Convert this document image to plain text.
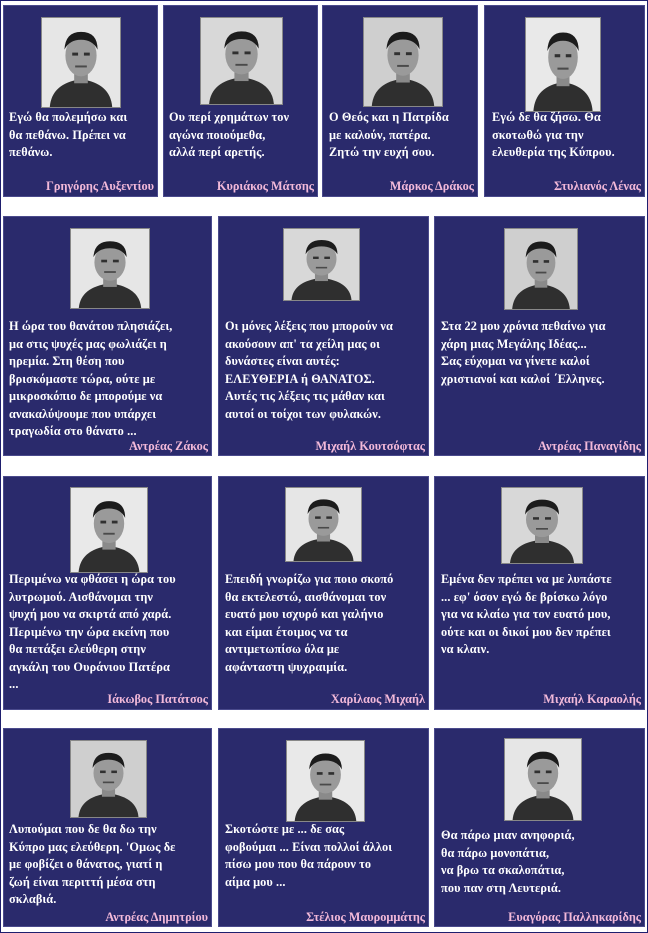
Εγώ θα πολεμήσω και
θα πεθάνω. Πρέπει να
πεθάνω.
Γρηγόρης Αυξεντίου
Ου περί χρημάτων τον
αγώνα ποιούμεθα,
αλλά περί αρετής.
Κυριάκος Μάτσης
Ο Θεός και η Πατρίδα
με καλούν, πατέρα.
Ζητώ την ευχή σου.
Μάρκος Δράκος
Εγώ δε θα ζήσω. Θα
σκοτωθώ για την
ελευθερία της Κύπρου.
Στυλιανός Λένας
Η ώρα του θανάτου πλησιάζει,
μα στις ψυχές μας φωλιάζει η
ηρεμία. Στη θέση που
βρισκόμαστε τώρα, ούτε με
μικροσκόπιο δε μπορούμε να
ανακαλύψουμε που υπάρχει
τραγωδία στο θάνατο ...
Αντρέας Ζάκος
Οι μόνες λέξεις που μπορούν να
ακούσουν απ' τα χείλη μας οι
δυνάστες είναι αυτές:
ΕΛΕΥΘΕΡΙΑ ή ΘΑΝΑΤΟΣ.
Αυτές τις λέξεις τις μάθαν και
αυτοί οι τοίχοι των φυλακών.
Μιχαήλ Κουτσόφτας
Στα 22 μου χρόνια πεθαίνω για
χάρη μιας Μεγάλης Ιδέας...
Σας εύχομαι να γίνετε καλοί
χριστιανοί και καλοί ΄Ελληνες.
Αντρέας Παναγίδης
Περιμένω να φθάσει η ώρα του
λυτρωμού. Αισθάνομαι την
ψυχή μου να σκιρτά από χαρά.
Περιμένω την ώρα εκείνη που
θα πετάξει ελεύθερη στην
αγκάλη του Ουράνιου Πατέρα
...
Ιάκωβος Πατάτσος
Επειδή γνωρίζω για ποιο σκοπό
θα εκτελεστώ, αισθάνομαι τον
ευατό μου ισχυρό και γαλήνιο
και είμαι έτοιμος να τα
αντιμετωπίσω όλα με
αφάνταστη ψυχραιμία.
Χαρίλαος Μιχαήλ
Εμένα δεν πρέπει να με λυπάστε
... εφ' όσον εγώ δε βρίσκω λόγο
για να κλαίω για τον ευατό μου,
ούτε και οι δικοί μου δεν πρέπει
να κλαιν.
Μιχαήλ Καραολής
Λυπούμαι που δε θα δω την
Κύπρο μας ελεύθερη. 'Ομως δε
με φοβίζει ο θάνατος, γιατί η
ζωή είναι περιττή μέσα στη
σκλαβιά.
Αντρέας Δημητρίου
Σκοτώστε με ... δε σας
φοβούμαι ... Είναι πολλοί άλλοι
πίσω μου που θα πάρουν το
αίμα μου ...
Στέλιος Μαυρομμάτης
Θα πάρω μιαν ανηφοριά,
θα πάρω μονοπάτια,
να βρω τα σκαλοπάτια,
που παν στη Λευτεριά.
Ευαγόρας Παλληκαρίδης
